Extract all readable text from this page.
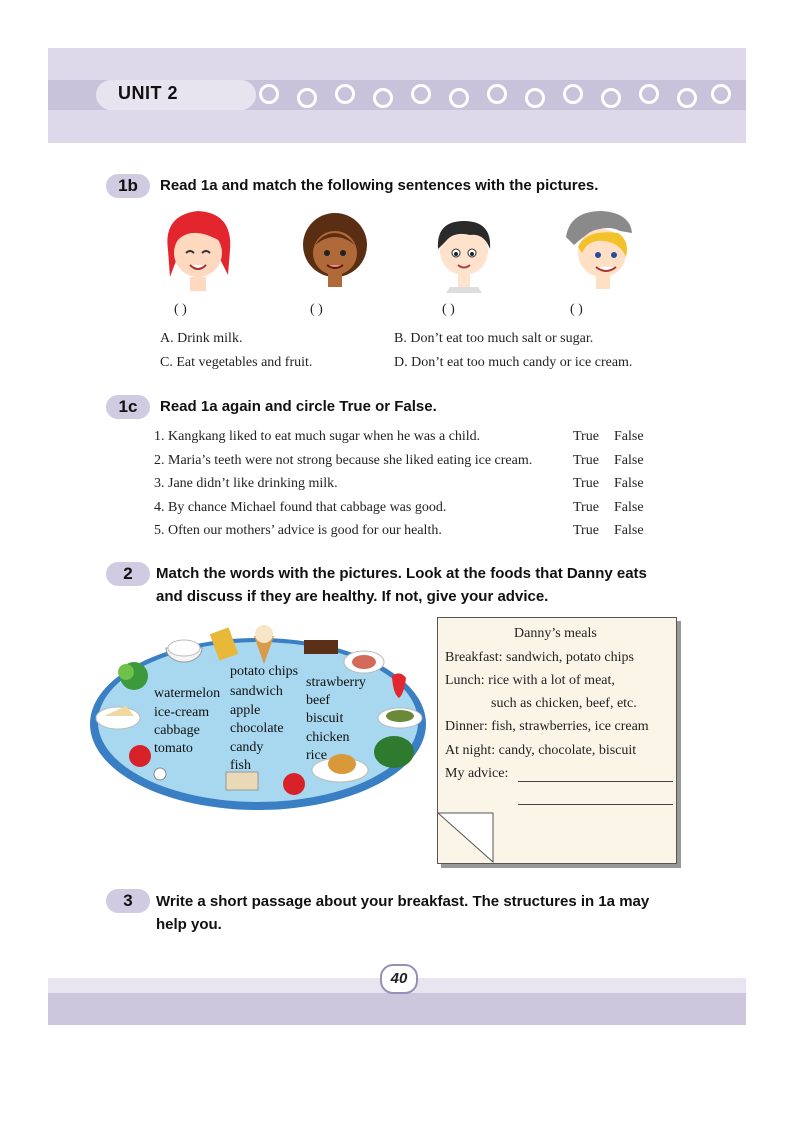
UNIT 2
1b	Read 1a and match the following sentences with the pictures.
( )	( )	( )	( )
A. Drink milk.	B. Don’t eat too much salt or sugar.
C. Eat vegetables and fruit.	D. Don’t eat too much candy or ice cream.
1c	Read 1a again and circle True or False.
1. Kangkang liked to eat much sugar when he was a child.	True False
2. Maria’s teeth were not strong because she liked eating ice cream.	True False
3. Jane didn’t like drinking milk.	True False
4. By chance Michael found that cabbage was good.	True False
5. Often our mothers’ advice is good for our health.	True False
2	Match the words with the pictures. Look at the foods that Danny eats
and discuss if they are healthy. If not, give your advice.
potato chips
watermelon
ice-cream
cabbage
tomato
sandwich
apple
chocolate
candy
fish
strawberry
beef
biscuit
chicken
rice
Danny’s meals
Breakfast: sandwich, potato chips
Lunch: rice with a lot of meat,
such as chicken, beef, etc.
Dinner: fish, strawberries, ice cream
At night: candy, chocolate, biscuit
My advice:
3	Write a short passage about your breakfast. The structures in 1a may
help you.
40
